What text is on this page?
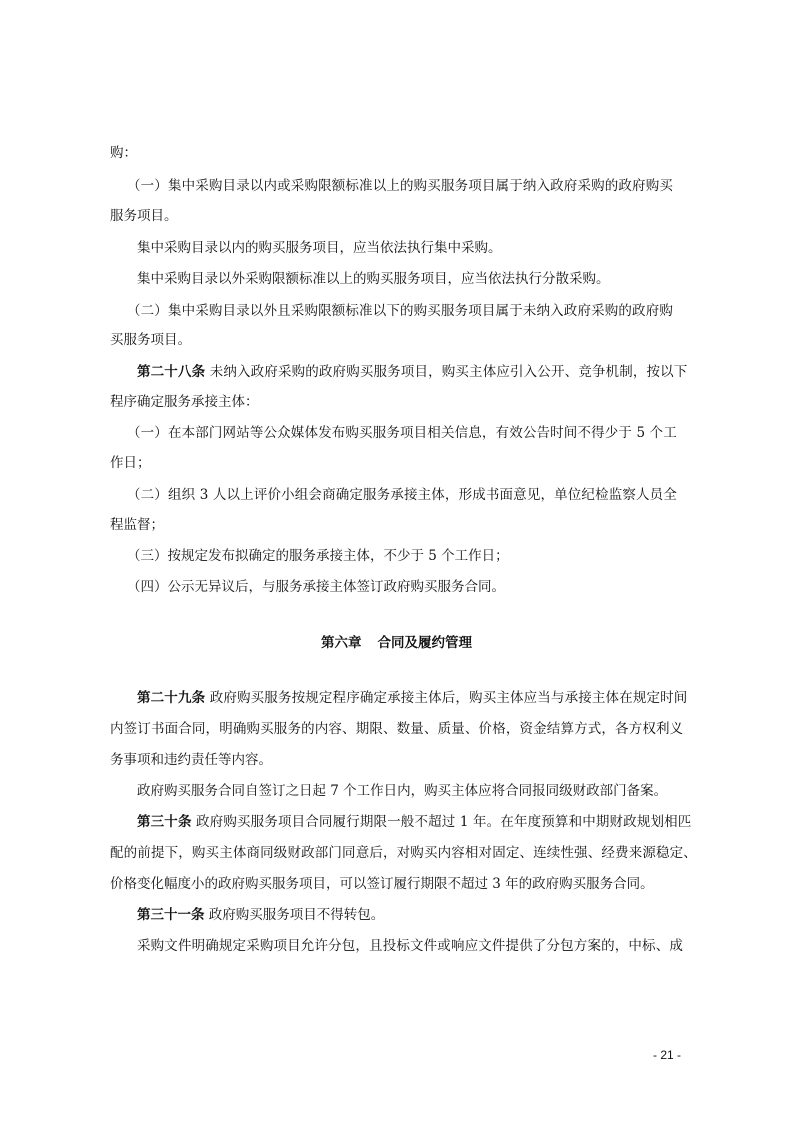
购：
（一）集中采购目录以内或采购限额标准以上的购买服务项目属于纳入政府采购的政府购买
服务项目。
集中采购目录以内的购买服务项目，应当依法执行集中采购。
集中采购目录以外采购限额标准以上的购买服务项目，应当依法执行分散采购。
（二）集中采购目录以外且采购限额标准以下的购买服务项目属于未纳入政府采购的政府购
买服务项目。
第二十八条 未纳入政府采购的政府购买服务项目，购买主体应引入公开、竞争机制，按以下
程序确定服务承接主体：
（一）在本部门网站等公众媒体发布购买服务项目相关信息，有效公告时间不得少于 5 个工
作日；
（二）组织 3 人以上评价小组会商确定服务承接主体，形成书面意见，单位纪检监察人员全
程监督；
（三）按规定发布拟确定的服务承接主体，不少于 5 个工作日；
（四）公示无异议后，与服务承接主体签订政府购买服务合同。
第六章 合同及履约管理
第二十九条 政府购买服务按规定程序确定承接主体后，购买主体应当与承接主体在规定时间
内签订书面合同，明确购买服务的内容、期限、数量、质量、价格，资金结算方式，各方权利义
务事项和违约责任等内容。
政府购买服务合同自签订之日起 7 个工作日内，购买主体应将合同报同级财政部门备案。
第三十条 政府购买服务项目合同履行期限一般不超过 1 年。在年度预算和中期财政规划相匹
配的前提下，购买主体商同级财政部门同意后，对购买内容相对固定、连续性强、经费来源稳定、
价格变化幅度小的政府购买服务项目，可以签订履行期限不超过 3 年的政府购买服务合同。
第三十一条 政府购买服务项目不得转包。
采购文件明确规定采购项目允许分包，且投标文件或响应文件提供了分包方案的，中标、成
- 21 -
